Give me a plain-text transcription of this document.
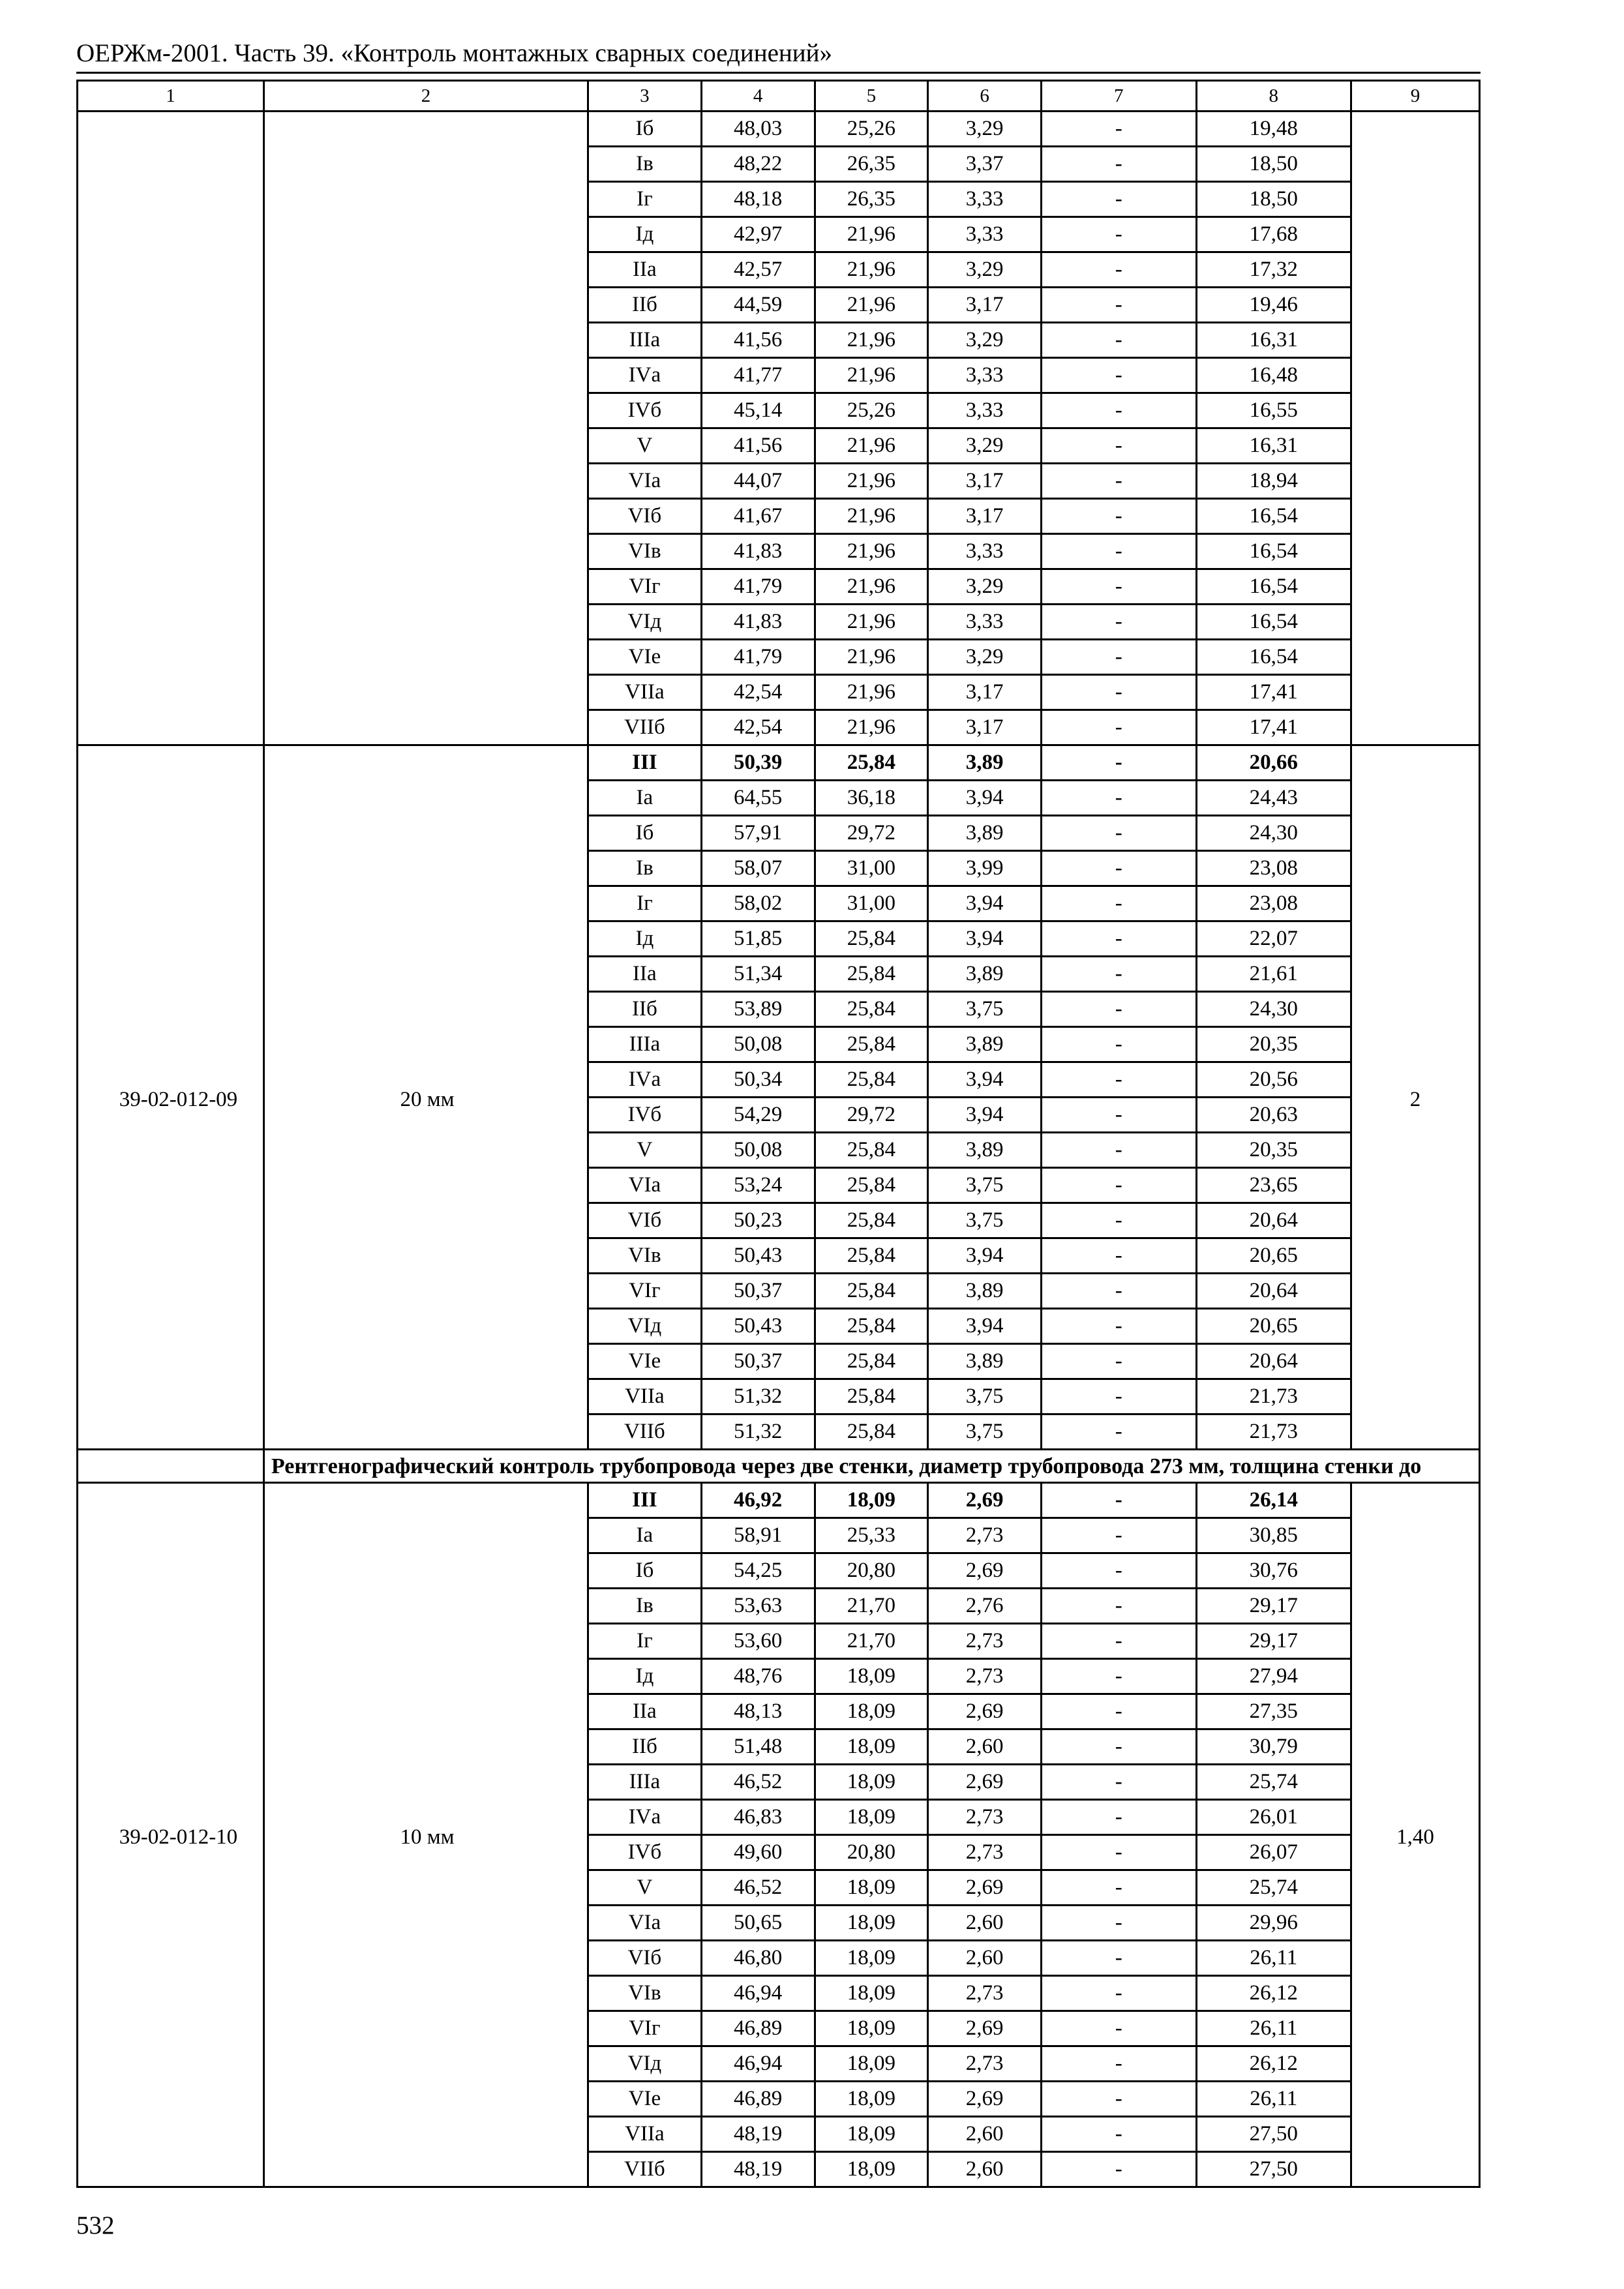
ОЕРЖм-2001. Часть 39. «Контроль монтажных сварных соединений»
1	2	3	4	5	6	7	8	9
		Iб	48,03	25,26	3,29	-	19,48	
		Iв	48,22	26,35	3,37	-	18,50	
		Iг	48,18	26,35	3,33	-	18,50	
		Iд	42,97	21,96	3,33	-	17,68	
		IIа	42,57	21,96	3,29	-	17,32	
		IIб	44,59	21,96	3,17	-	19,46	
		IIIа	41,56	21,96	3,29	-	16,31	
		IVа	41,77	21,96	3,33	-	16,48	
		IVб	45,14	25,26	3,33	-	16,55	
		V	41,56	21,96	3,29	-	16,31	
		VIа	44,07	21,96	3,17	-	18,94	
		VIб	41,67	21,96	3,17	-	16,54	
		VIв	41,83	21,96	3,33	-	16,54	
		VIг	41,79	21,96	3,29	-	16,54	
		VIд	41,83	21,96	3,33	-	16,54	
		VIе	41,79	21,96	3,29	-	16,54	
		VIIа	42,54	21,96	3,17	-	17,41	
		VIIб	42,54	21,96	3,17	-	17,41	
39-02-012-09	20 мм	III	50,39	25,84	3,89	-	20,66	2
		Iа	64,55	36,18	3,94	-	24,43	
		Iб	57,91	29,72	3,89	-	24,30	
		Iв	58,07	31,00	3,99	-	23,08	
		Iг	58,02	31,00	3,94	-	23,08	
		Iд	51,85	25,84	3,94	-	22,07	
		IIа	51,34	25,84	3,89	-	21,61	
		IIб	53,89	25,84	3,75	-	24,30	
		IIIа	50,08	25,84	3,89	-	20,35	
		IVа	50,34	25,84	3,94	-	20,56	
		IVб	54,29	29,72	3,94	-	20,63	
		V	50,08	25,84	3,89	-	20,35	
		VIа	53,24	25,84	3,75	-	23,65	
		VIб	50,23	25,84	3,75	-	20,64	
		VIв	50,43	25,84	3,94	-	20,65	
		VIг	50,37	25,84	3,89	-	20,64	
		VIд	50,43	25,84	3,94	-	20,65	
		VIе	50,37	25,84	3,89	-	20,64	
		VIIа	51,32	25,84	3,75	-	21,73	
		VIIб	51,32	25,84	3,75	-	21,73	
	Рентгенографический контроль трубопровода через две стенки, диаметр трубопровода 273 мм, толщина стенки до							
39-02-012-10	10 мм	III	46,92	18,09	2,69	-	26,14	1,40
		Iа	58,91	25,33	2,73	-	30,85	
		Iб	54,25	20,80	2,69	-	30,76	
		Iв	53,63	21,70	2,76	-	29,17	
		Iг	53,60	21,70	2,73	-	29,17	
		Iд	48,76	18,09	2,73	-	27,94	
		IIа	48,13	18,09	2,69	-	27,35	
		IIб	51,48	18,09	2,60	-	30,79	
		IIIа	46,52	18,09	2,69	-	25,74	
		IVа	46,83	18,09	2,73	-	26,01	
		IVб	49,60	20,80	2,73	-	26,07	
		V	46,52	18,09	2,69	-	25,74	
		VIа	50,65	18,09	2,60	-	29,96	
		VIб	46,80	18,09	2,60	-	26,11	
		VIв	46,94	18,09	2,73	-	26,12	
		VIг	46,89	18,09	2,69	-	26,11	
		VIд	46,94	18,09	2,73	-	26,12	
		VIе	46,89	18,09	2,69	-	26,11	
		VIIа	48,19	18,09	2,60	-	27,50	
		VIIб	48,19	18,09	2,60	-	27,50	
532
